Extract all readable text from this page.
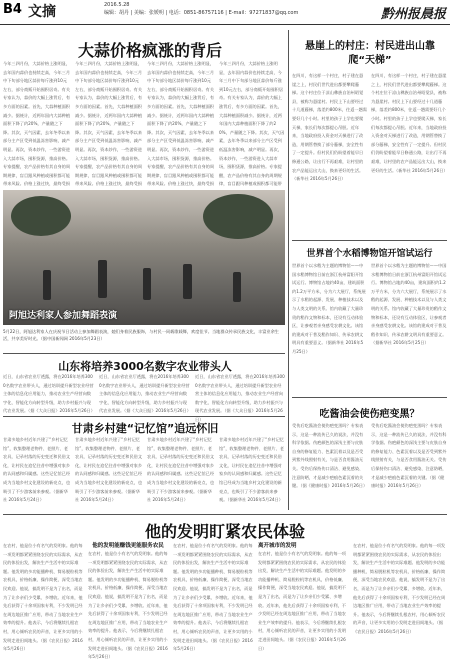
B4 文摘	2016.5.28
编辑：胡丹 | 美编：张媛明 | 电话：0851-86757116 | E-mail：97271837@qq.com	黔州报晨报
大蒜价格疯涨的背后
今年三四月份，大蒜价格上涨明显，去年国内蒜价也持续走高，今年三月中下旬部分地区蒜价每斤涨到10元左右，部分商贩开始囤积居奇。有关专家认为，蒜价的大幅上涨背后，有多方面的因素。首先，大蒜种植面积减少。据统计，近两年国内大蒜种植面积下降了约20%，产量随之下降。其次，天气因素，去年冬季以来部分主产区受到低温冻害影响，减产明显。再次，资本炒作，一些游资进入大蒜市场，囤积货源，推高价格。专家提醒，农产品价格有其自身的周期规律，盲目跟风种植或囤积都可能带来风险。价格上涨过快，最终受损
今年三四月份，大蒜价格上涨明显，去年国内蒜价也持续走高，今年三月中下旬部分地区蒜价每斤涨到10元左右，部分商贩开始囤积居奇。有关专家认为，蒜价的大幅上涨背后，有多方面的因素。首先，大蒜种植面积减少。据统计，近两年国内大蒜种植面积下降了约20%，产量随之下降。其次，天气因素，去年冬季以来部分主产区受到低温冻害影响，减产明显。再次，资本炒作，一些游资进入大蒜市场，囤积货源，推高价格。专家提醒，农产品价格有其自身的周期规律，盲目跟风种植或囤积都可能带来风险。价格上涨过快，最终受损
今年三四月份，大蒜价格上涨明显，去年国内蒜价也持续走高，今年三月中下旬部分地区蒜价每斤涨到10元左右，部分商贩开始囤积居奇。有关专家认为，蒜价的大幅上涨背后，有多方面的因素。首先，大蒜种植面积减少。据统计，近两年国内大蒜种植面积下降了约20%，产量随之下降。其次，天气因素，去年冬季以来部分主产区受到低温冻害影响，减产明显。再次，资本炒作，一些游资进入大蒜市场，囤积货源，推高价格。专家提醒，农产品价格有其自身的周期规律，盲目跟风种植或囤积都可能带来风险。价格上涨过快，最终受损
今年三四月份，大蒜价格上涨明显，去年国内蒜价也持续走高，今年三月中下旬部分地区蒜价每斤涨到10元左右，部分商贩开始囤积居奇。有关专家认为，蒜价的大幅上涨背后，有多方面的因素。首先，大蒜种植面积减少。据统计，近两年国内大蒜种植面积下降了约20%，产量随之下降。其次，天气因素，去年冬季以来部分主产区受到低温冻害影响，减产明显。再次，资本炒作，一些游资进入大蒜市场，囤积货源，推高价格。专家提醒，农产品价格有其自身的周期规律，盲目跟风种植或囤积都可能带
阿旭达利家人参加舞蹈表演
5月22日，阿旭达利家人在庆祝节日活动上参加舞蹈表演，她们身着民族服饰，与村民一同载歌载舞，欢度佳节。当地群众传承民族文化，丰富业余生活，共享美好时光。（据中国新闻网 2016年5月23日）
山东将培养3000名数字农业带头人
近日，山东省农业厅透露，将在2016年培养3000名数字农业带头人，通过培训提升新型农业经营主体的信息化应用能力，推动农业生产经营向数字化、智能化方向转型升级，助力乡村振兴与现代农业发展。（据《大众日报》2016年5月26日）
近日，山东省农业厅透露，将在2016年培养3000名数字农业带头人，通过培训提升新型农业经营主体的信息化应用能力，推动农业生产经营向数字化、智能化方向转型升级，助力乡村振兴与现代农业发展。（据《大众日报》2016年5月26日）
近日，山东省农业厅透露，将在2016年培养3000名数字农业带头人，通过培训提升新型农业经营主体的信息化应用能力，推动农业生产经营向数字化、智能化方向转型升级，助力乡村振兴与现代农业发展。（据《大众日报》2016年5月26日）
甘肃乡村建“记忆馆”追远怀旧
甘肃多地乡村近年兴建了“乡村记忆馆”，收集整理老物件、老照片、老农具，记录村落的历史变迁和民俗文化，让村民在追忆往昔中增强对家乡的认同感和归属感。这些记忆馆已经成为当地乡村文化建设的新亮点，也吸引了不少游客前来参观。（据新华社 2016年5月24日）
甘肃多地乡村近年兴建了“乡村记忆馆”，收集整理老物件、老照片、老农具，记录村落的历史变迁和民俗文化，让村民在追忆往昔中增强对家乡的认同感和归属感。这些记忆馆已经成为当地乡村文化建设的新亮点，也吸引了不少游客前来参观。（据新华社 2016年5月24日）
甘肃多地乡村近年兴建了“乡村记忆馆”，收集整理老物件、老照片、老农具，记录村落的历史变迁和民俗文化，让村民在追忆往昔中增强对家乡的认同感和归属感。这些记忆馆已经成为当地乡村文化建设的新亮点，也吸引了不少游客前来参观。（据新华社 2016年5月24日）
甘肃多地乡村近年兴建了“乡村记忆馆”，收集整理老物件、老照片、老农具，记录村落的历史变迁和民俗文化，让村民在追忆往昔中增强对家乡的认同感和归属感。这些记忆馆已经成为当地乡村文化建设的新亮点，也吸引了不少游客前来参观。（据新华社 2016年5月24日）
悬崖上的村庄：村民进出山靠爬“天梯”
在四川，有这样一个村庄，村子建在悬崖之上，村民们世代进出都要攀爬藤梯。这个村庄位于凉山彝族自治州昭觉县，被称为悬崖村。村民上下山要经过十几道藤梯，落差约800米，往返一趟需要好几个小时。村里的孩子上学也要爬天梯，家长们每次都提心吊胆。近年来，当地政府投入资金对天梯进行了改造，用钢管替换了部分藤梯，安全性有了一定提升。但村民们仍盼望着能早日修通公路，让出行不再艰难，让村里的农产品能运出大山，换来更好的生活。（新华社 2016年5月26日）
在四川，有这样一个村庄，村子建在悬崖之上，村民们世代进出都要攀爬藤梯。这个村庄位于凉山彝族自治州昭觉县，被称为悬崖村。村民上下山要经过十几道藤梯，落差约800米，往返一趟需要好几个小时。村里的孩子上学也要爬天梯，家长们每次都提心吊胆。近年来，当地政府投入资金对天梯进行了改造，用钢管替换了部分藤梯，安全性有了一定提升。但村民们仍盼望着能早日修通公路，让出行不再艰难，让村里的农产品能运出大山，换来更好的生活。（新华社 2016年5月26日）
世界首个水稻博物馆开馆试运行
世界首个以水稻为主题的博物馆——中国水稻博物馆日前在浙江杭州富阳开馆试运行。博物馆占地约40亩，建筑面积约1.2万平方米，分为六大展厅，系统展示了水稻的起源、发展、种植技术以及与人类文明的关系。馆内收藏了大量珍贵的稻作文物和标本，还设有互动体验区，让参观者亲身感受农耕文化。该馆的建成对于普及稻作知识、传承农耕文明具有重要意义。（据新华社 2016年5月25日）
世界首个以水稻为主题的博物馆——中国水稻博物馆日前在浙江杭州富阳开馆试运行。博物馆占地约40亩，建筑面积约1.2万平方米，分为六大展厅，系统展示了水稻的起源、发展、种植技术以及与人类文明的关系。馆内收藏了大量珍贵的稻作文物和标本，还设有互动体验区，让参观者亲身感受农耕文化。该馆的建成对于普及稻作知识、传承农耕文明具有重要意义。（据新华社 2016年5月25日）
吃酱油会使伤疤变黑？
受伤后吃酱油会使伤疤变黑吗？专家表示，这是一种流传已久的说法，并没有科学依据。伤疤颜色的深浅主要与皮肤自身的修复能力、色素沉着以及是否受到紫外线照射有关，与是否食用酱油无关。受伤后保持伤口清洁、避免感染、注意防晒，才是减少疤痕色素沉着的关键。（据《健康时报》2016年5月26日）
受伤后吃酱油会使伤疤变黑吗？专家表示，这是一种流传已久的说法，并没有科学依据。伤疤颜色的深浅主要与皮肤自身的修复能力、色素沉着以及是否受到紫外线照射有关，与是否食用酱油无关。受伤后保持伤口清洁、避免感染、注意防晒，才是减少疤痕色素沉着的关键。（据《健康时报》2016年5月26日）
他的发明盯紧农民体验
在农村，他是位小有名气的发明家。他的每一项发明都紧紧围绕农民的实际需求，从农民的体验出发，解决生产生活中的实际难题。他发明的多功能播种机、简易脱粒机等农机具，价格低廉、操作简便，深受当地农民欢迎。他说，搞发明不是为了出名，而是为了让乡亲们少受累、多增收。近年来，他先后获得了十余项国家专利，不少发明已经在周边地区推广应用，带动了当地农业生产效率的提升。他表示，今后将继续扎根农村，用心倾听农民的声音，让更多实用的小发明走进田间地头。（据《农民日报》2016年5月26日）
他的发明能赚钱更能服务农民
在农村，他是位小有名气的发明家。他的每一项发明都紧紧围绕农民的实际需求，从农民的体验出发，解决生产生活中的实际难题。他发明的多功能播种机、简易脱粒机等农机具，价格低廉、操作简便，深受当地农民欢迎。他说，搞发明不是为了出名，而是为了让乡亲们少受累、多增收。近年来，他先后获得了十余项国家专利，不少发明已经在周边地区推广应用，带动了当地农业生产效率的提升。他表示，今后将继续扎根农村，用心倾听农民的声音，让更多实用的小发明走进田间地头。（据《农民日报》2016年5月26日）
在农村，他是位小有名气的发明家。他的每一项发明都紧紧围绕农民的实际需求，从农民的体验出发，解决生产生活中的实际难题。他发明的多功能播种机、简易脱粒机等农机具，价格低廉、操作简便，深受当地农民欢迎。他说，搞发明不是为了出名，而是为了让乡亲们少受累、多增收。近年来，他先后获得了十余项国家专利，不少发明已经在周边地区推广应用，带动了当地农业生产效率的提升。他表示，今后将继续扎根农村，用心倾听农民的声音，让更多实用的小发明走进田间地头。（据《农民日报》2016年5月26日）
离开城市的发明
在农村，他是位小有名气的发明家。他的每一项发明都紧紧围绕农民的实际需求，从农民的体验出发，解决生产生活中的实际难题。他发明的多功能播种机、简易脱粒机等农机具，价格低廉、操作简便，深受当地农民欢迎。他说，搞发明不是为了出名，而是为了让乡亲们少受累、多增收。近年来，他先后获得了十余项国家专利，不少发明已经在周边地区推广应用，带动了当地农业生产效率的提升。他表示，今后将继续扎根农村，用心倾听农民的声音，让更多实用的小发明走进田间地头。（据《农民日报》2016年5月26日）
在农村，他是位小有名气的发明家。他的每一项发明都紧紧围绕农民的实际需求，从农民的体验出发，解决生产生活中的实际难题。他发明的多功能播种机、简易脱粒机等农机具，价格低廉、操作简便，深受当地农民欢迎。他说，搞发明不是为了出名，而是为了让乡亲们少受累、多增收。近年来，他先后获得了十余项国家专利，不少发明已经在周边地区推广应用，带动了当地农业生产效率的提升。他表示，今后将继续扎根农村，用心倾听农民的声音，让更多实用的小发明走进田间地头。（据《农民日报》2016年5月26日）
